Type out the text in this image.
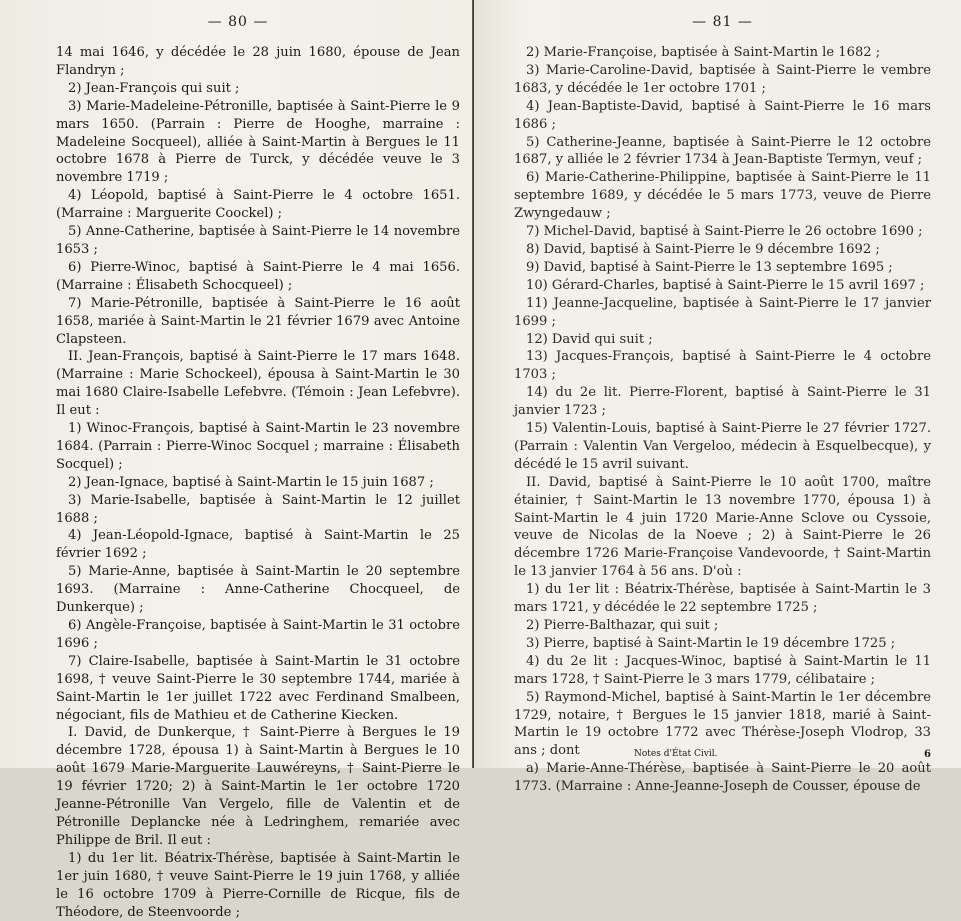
— 80 —

14 mai 1646, y décédée le 28 juin 1680, épouse de Jean Flandryn ;

2) Jean-François qui suit ;

3) Marie-Madeleine-Pétronille, baptisée à Saint-Pierre le 9 mars 1650. (Parrain : Pierre de Hooghe, marraine : Madeleine Socqueel), alliée à Saint-Martin à Bergues le 11 octobre 1678 à Pierre de Turck, y décédée veuve le 3 novembre 1719 ;

4) Léopold, baptisé à Saint-Pierre le 4 octobre 1651. (Marraine : Marguerite Coockel) ;

5) Anne-Catherine, baptisée à Saint-Pierre le 14 novembre 1653 ;

6) Pierre-Winoc, baptisé à Saint-Pierre le 4 mai 1656. (Marraine : Élisabeth Schocqueel) ;

7) Marie-Pétronille, baptisée à Saint-Pierre le 16 août 1658, mariée à Saint-Martin le 21 février 1679 avec Antoine Clapsteen.

II. Jean-François, baptisé à Saint-Pierre le 17 mars 1648. (Marraine : Marie Schockeel), épousa à Saint-Martin le 30 mai 1680 Claire-Isabelle Lefebvre. (Témoin : Jean Lefebvre). Il eut :

1) Winoc-François, baptisé à Saint-Martin le 23 novembre 1684. (Parrain : Pierre-Winoc Socquel ; marraine : Élisabeth Socquel) ;

2) Jean-Ignace, baptisé à Saint-Martin le 15 juin 1687 ;

3) Marie-Isabelle, baptisée à Saint-Martin le 12 juillet 1688 ;

4) Jean-Léopold-Ignace, baptisé à Saint-Martin le 25 février 1692 ;

5) Marie-Anne, baptisée à Saint-Martin le 20 septembre 1693. (Marraine : Anne-Catherine Chocqueel, de Dunkerque) ;

6) Angèle-Françoise, baptisée à Saint-Martin le 31 octobre 1696 ;

7) Claire-Isabelle, baptisée à Saint-Martin le 31 octobre 1698, † veuve Saint-Pierre le 30 septembre 1744, mariée à Saint-Martin le 1er juillet 1722 avec Ferdinand Smalbeen, négociant, fils de Mathieu et de Catherine Kiecken.

I. David, de Dunkerque, † Saint-Pierre à Bergues le 19 décembre 1728, épousa 1) à Saint-Martin à Bergues le 10 août 1679 Marie-Marguerite Lauwéreyns, † Saint-Pierre le 19 février 1720; 2) à Saint-Martin le 1er octobre 1720 Jeanne-Pétronille Van Vergelo, fille de Valentin et de Pétronille Deplancke née à Ledringhem, remariée avec Philippe de Bril. Il eut :

1) du 1er lit. Béatrix-Thérèse, baptisée à Saint-Martin le 1er juin 1680, † veuve Saint-Pierre le 19 juin 1768, y alliée le 16 octobre 1709 à Pierre-Cornille de Ricque, fils de Théodore, de Steenvoorde ;

— 81 —

2) Marie-Françoise, baptisée à Saint-Martin le 1682 ;

3) Marie-Caroline-David, baptisée à Saint-Pierre le vembre 1683, y décédée le 1er octobre 1701 ;

4) Jean-Baptiste-David, baptisé à Saint-Pierre le 16 mars 1686 ;

5) Catherine-Jeanne, baptisée à Saint-Pierre le 12 octobre 1687, y alliée le 2 février 1734 à Jean-Baptiste Termyn, veuf ;

6) Marie-Catherine-Philippine, baptisée à Saint-Pierre le 11 septembre 1689, y décédée le 5 mars 1773, veuve de Pierre Zwyngedauw ;

7) Michel-David, baptisé à Saint-Pierre le 26 octobre 1690 ;

8) David, baptisé à Saint-Pierre le 9 décembre 1692 ;

9) David, baptisé à Saint-Pierre le 13 septembre 1695 ;

10) Gérard-Charles, baptisé à Saint-Pierre le 15 avril 1697 ;

11) Jeanne-Jacqueline, baptisée à Saint-Pierre le 17 janvier 1699 ;

12) David qui suit ;

13) Jacques-François, baptisé à Saint-Pierre le 4 octobre 1703 ;

14) du 2e lit. Pierre-Florent, baptisé à Saint-Pierre le 31 janvier 1723 ;

15) Valentin-Louis, baptisé à Saint-Pierre le 27 février 1727. (Parrain : Valentin Van Vergeloo, médecin à Esquelbecque), y décédé le 15 avril suivant.

II. David, baptisé à Saint-Pierre le 10 août 1700, maître étainier, † Saint-Martin le 13 novembre 1770, épousa 1) à Saint-Martin le 4 juin 1720 Marie-Anne Sclove ou Cyssoie, veuve de Nicolas de la Noeve ; 2) à Saint-Pierre le 26 décembre 1726 Marie-Françoise Vandevoorde, † Saint-Martin le 13 janvier 1764 à 56 ans. D'où :

1) du 1er lit : Béatrix-Thérèse, baptisée à Saint-Martin le 3 mars 1721, y décédée le 22 septembre 1725 ;

2) Pierre-Balthazar, qui suit ;

3) Pierre, baptisé à Saint-Martin le 19 décembre 1725 ;

4) du 2e lit : Jacques-Winoc, baptisé à Saint-Martin le 11 mars 1728, † Saint-Pierre le 3 mars 1779, célibataire ;

5) Raymond-Michel, baptisé à Saint-Martin le 1er décembre 1729, notaire, † Bergues le 15 janvier 1818, marié à Saint-Martin le 19 octobre 1772 avec Thérèse-Joseph Vlodrop, 33 ans ; dont

a) Marie-Anne-Thérèse, baptisée à Saint-Pierre le 20 août 1773. (Marraine : Anne-Jeanne-Joseph de Cousser, épouse de

Notes d'État Civil.	6
